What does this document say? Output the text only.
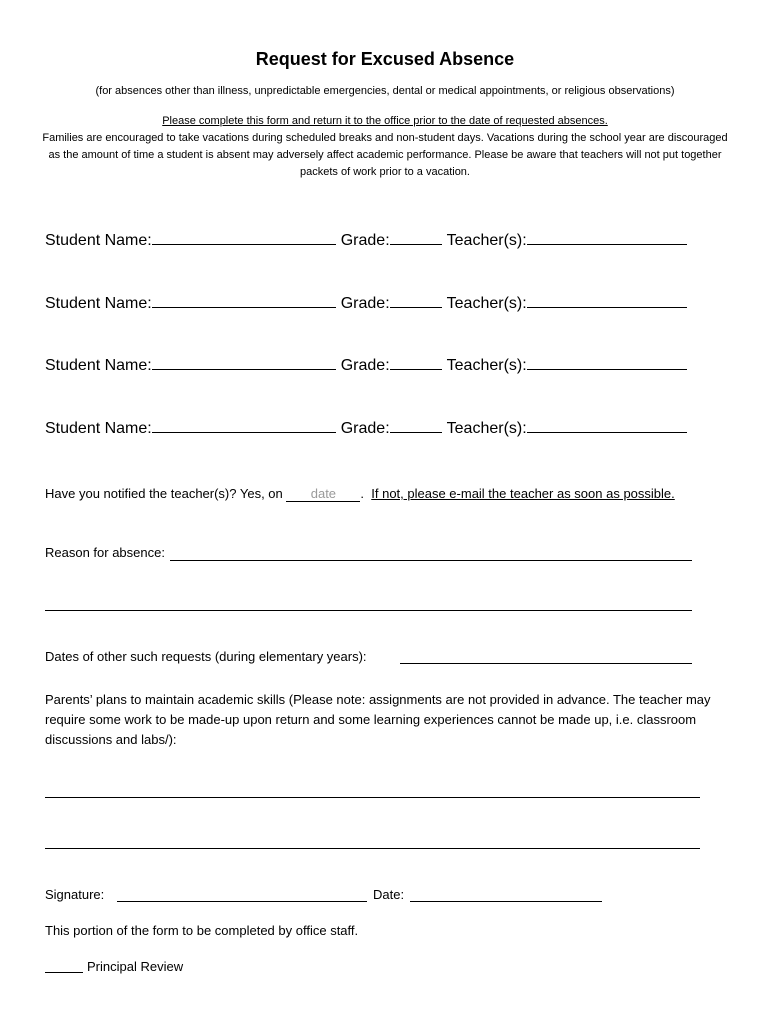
Request for Excused Absence
(for absences other than illness, unpredictable emergencies, dental or medical appointments, or religious observations)
Please complete this form and return it to the office prior to the date of requested absences.
Families are encouraged to take vacations during scheduled breaks and non-student days. Vacations during the school year are discouraged as the amount of time a student is absent may adversely affect academic performance. Please be aware that teachers will not put together packets of work prior to a vacation.
Student Name:	Grade:	Teacher(s):
Student Name:	Grade:	Teacher(s):
Student Name:	Grade:	Teacher(s):
Student Name:	Grade:	Teacher(s):
Have you notified the teacher(s)? Yes, on date . If not, please e-mail the teacher as soon as possible.
Reason for absence:
Dates of other such requests (during elementary years):
Parents’ plans to maintain academic skills (Please note: assignments are not provided in advance. The teacher may require some work to be made-up upon return and some learning experiences cannot be made up, i.e. classroom discussions and labs/):
Signature:	Date:
This portion of the form to be completed by office staff.
Principal Review
